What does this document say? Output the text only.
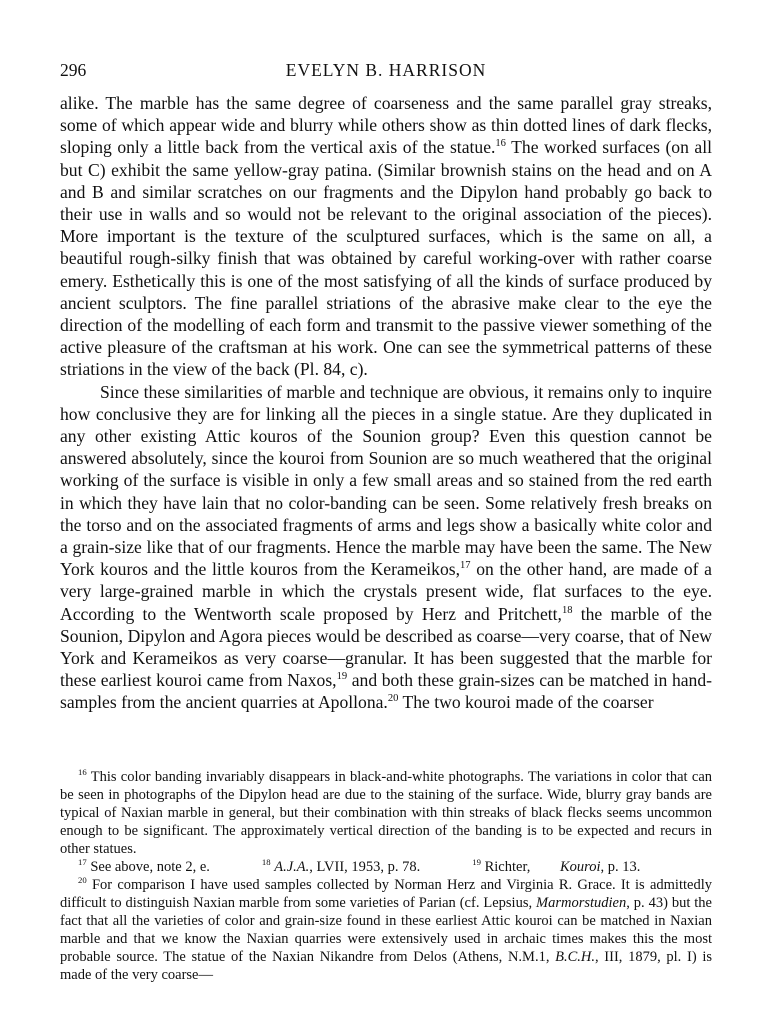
296	EVELYN B. HARRISON

alike. The marble has the same degree of coarseness and the same parallel gray streaks, some of which appear wide and blurry while others show as thin dotted lines of dark flecks, sloping only a little back from the vertical axis of the statue.$^{16}$ The worked surfaces (on all but C) exhibit the same yellow-gray patina. (Similar brownish stains on the head and on A and B and similar scratches on our fragments and the Dipylon hand probably go back to their use in walls and so would not be relevant to the original association of the pieces). More important is the texture of the sculptured surfaces, which is the same on all, a beautiful rough-silky finish that was obtained by careful working-over with rather coarse emery. Esthetically this is one of the most satisfying of all the kinds of surface produced by ancient sculptors. The fine parallel striations of the abrasive make clear to the eye the direction of the modelling of each form and transmit to the passive viewer something of the active pleasure of the craftsman at his work. One can see the symmetrical patterns of these striations in the view of the back (Pl. 84, c).

Since these similarities of marble and technique are obvious, it remains only to inquire how conclusive they are for linking all the pieces in a single statue. Are they duplicated in any other existing Attic kouros of the Sounion group? Even this question cannot be answered absolutely, since the kouroi from Sounion are so much weathered that the original working of the surface is visible in only a few small areas and so stained from the red earth in which they have lain that no color-banding can be seen. Some relatively fresh breaks on the torso and on the associated fragments of arms and legs show a basically white color and a grain-size like that of our fragments. Hence the marble may have been the same. The New York kouros and the little kouros from the Kerameikos,$^{17}$ on the other hand, are made of a very large-grained marble in which the crystals present wide, flat surfaces to the eye. According to the Wentworth scale proposed by Herz and Pritchett,$^{18}$ the marble of the Sounion, Dipylon and Agora pieces would be described as coarse—very coarse, that of New York and Kerameikos as very coarse—granular. It has been suggested that the marble for these earliest kouroi came from Naxos,$^{19}$ and both these grain-sizes can be matched in hand-samples from the ancient quarries at Apollona.$^{20}$ The two kouroi made of the coarser

$^{16}$ This color banding invariably disappears in black-and-white photographs. The variations in color that can be seen in photographs of the Dipylon head are due to the staining of the surface. Wide, blurry gray bands are typical of Naxian marble in general, but their combination with thin streaks of black flecks seems uncommon enough to be significant. The approximately vertical direction of the banding is to be expected and recurs in other statues.

$^{17}$ See above, note 2, e.	$^{18}$ A.J.A., LVII, 1953, p. 78.	$^{19}$ Richter, Kouroi, p. 13.

$^{20}$ For comparison I have used samples collected by Norman Herz and Virginia R. Grace. It is admittedly difficult to distinguish Naxian marble from some varieties of Parian (cf. Lepsius, Marmorstudien, p. 43) but the fact that all the varieties of color and grain-size found in these earliest Attic kouroi can be matched in Naxian marble and that we know the Naxian quarries were extensively used in archaic times makes this the most probable source. The statue of the Naxian Nikandre from Delos (Athens, N.M.1, B.C.H., III, 1879, pl. I) is made of the very coarse—
